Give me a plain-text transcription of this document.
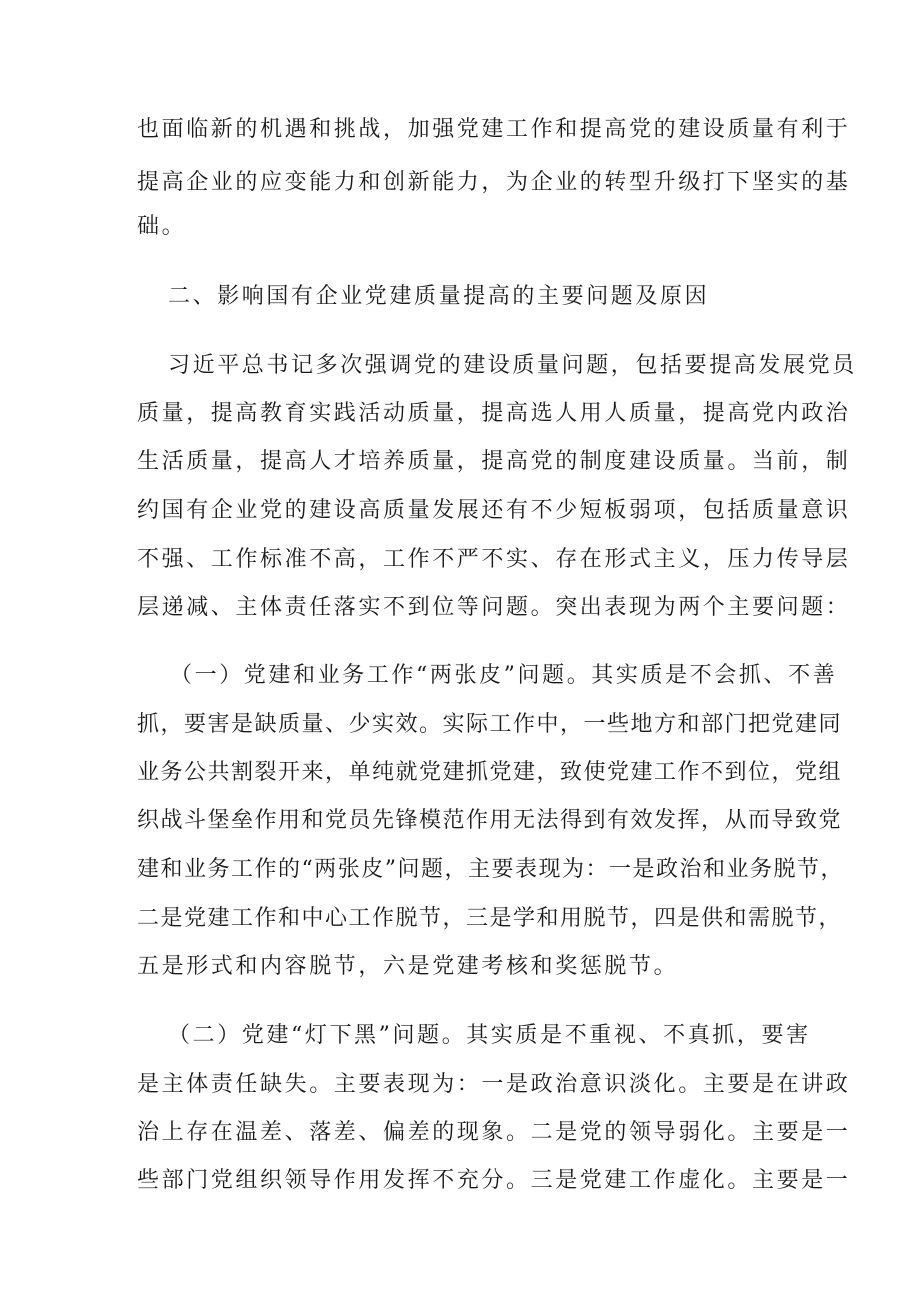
也面临新的机遇和挑战，加强党建工作和提高党的建设质量有利于
提高企业的应变能力和创新能力，为企业的转型升级打下坚实的基
础。
二、影响国有企业党建质量提高的主要问题及原因
习近平总书记多次强调党的建设质量问题，包括要提高发展党员
质量，提高教育实践活动质量，提高选人用人质量，提高党内政治
生活质量，提高人才培养质量，提高党的制度建设质量。当前，制
约国有企业党的建设高质量发展还有不少短板弱项，包括质量意识
不强、工作标准不高，工作不严不实、存在形式主义，压力传导层
层递减、主体责任落实不到位等问题。突出表现为两个主要问题：
（一）党建和业务工作“两张皮”问题。其实质是不会抓、不善
抓，要害是缺质量、少实效。实际工作中，一些地方和部门把党建同
业务公共割裂开来，单纯就党建抓党建，致使党建工作不到位，党组
织战斗堡垒作用和党员先锋模范作用无法得到有效发挥，从而导致党
建和业务工作的“两张皮”问题，主要表现为：一是政治和业务脱节，
二是党建工作和中心工作脱节，三是学和用脱节，四是供和需脱节，
五是形式和内容脱节，六是党建考核和奖惩脱节。
（二）党建“灯下黑”问题。其实质是不重视、不真抓，要害
是主体责任缺失。主要表现为：一是政治意识淡化。主要是在讲政
治上存在温差、落差、偏差的现象。二是党的领导弱化。主要是一
些部门党组织领导作用发挥不充分。三是党建工作虚化。主要是一
